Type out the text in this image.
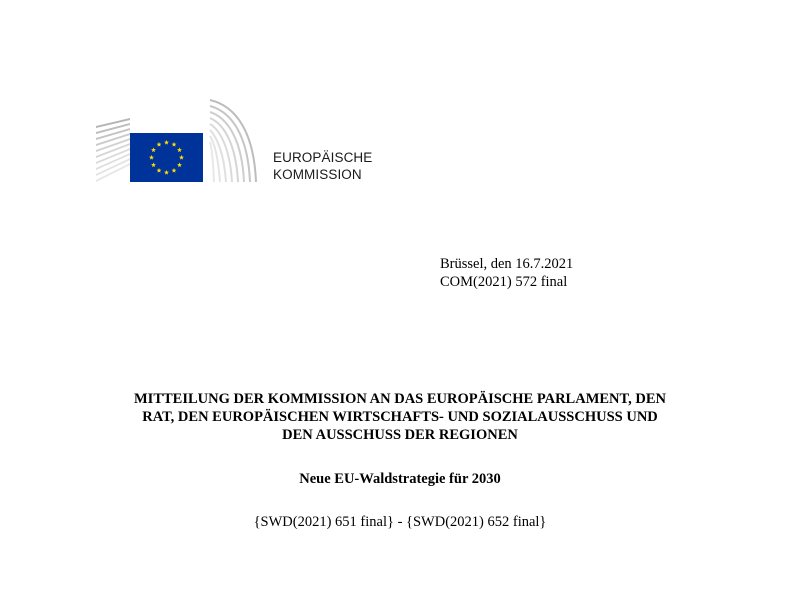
EUROPÄISCHE
KOMMISSION
Brüssel, den 16.7.2021
COM(2021) 572 final
MITTEILUNG DER KOMMISSION AN DAS EUROPÄISCHE PARLAMENT, DEN
RAT, DEN EUROPÄISCHEN WIRTSCHAFTS- UND SOZIALAUSSCHUSS UND
DEN AUSSCHUSS DER REGIONEN
Neue EU-Waldstrategie für 2030
{SWD(2021) 651 final} - {SWD(2021) 652 final}
